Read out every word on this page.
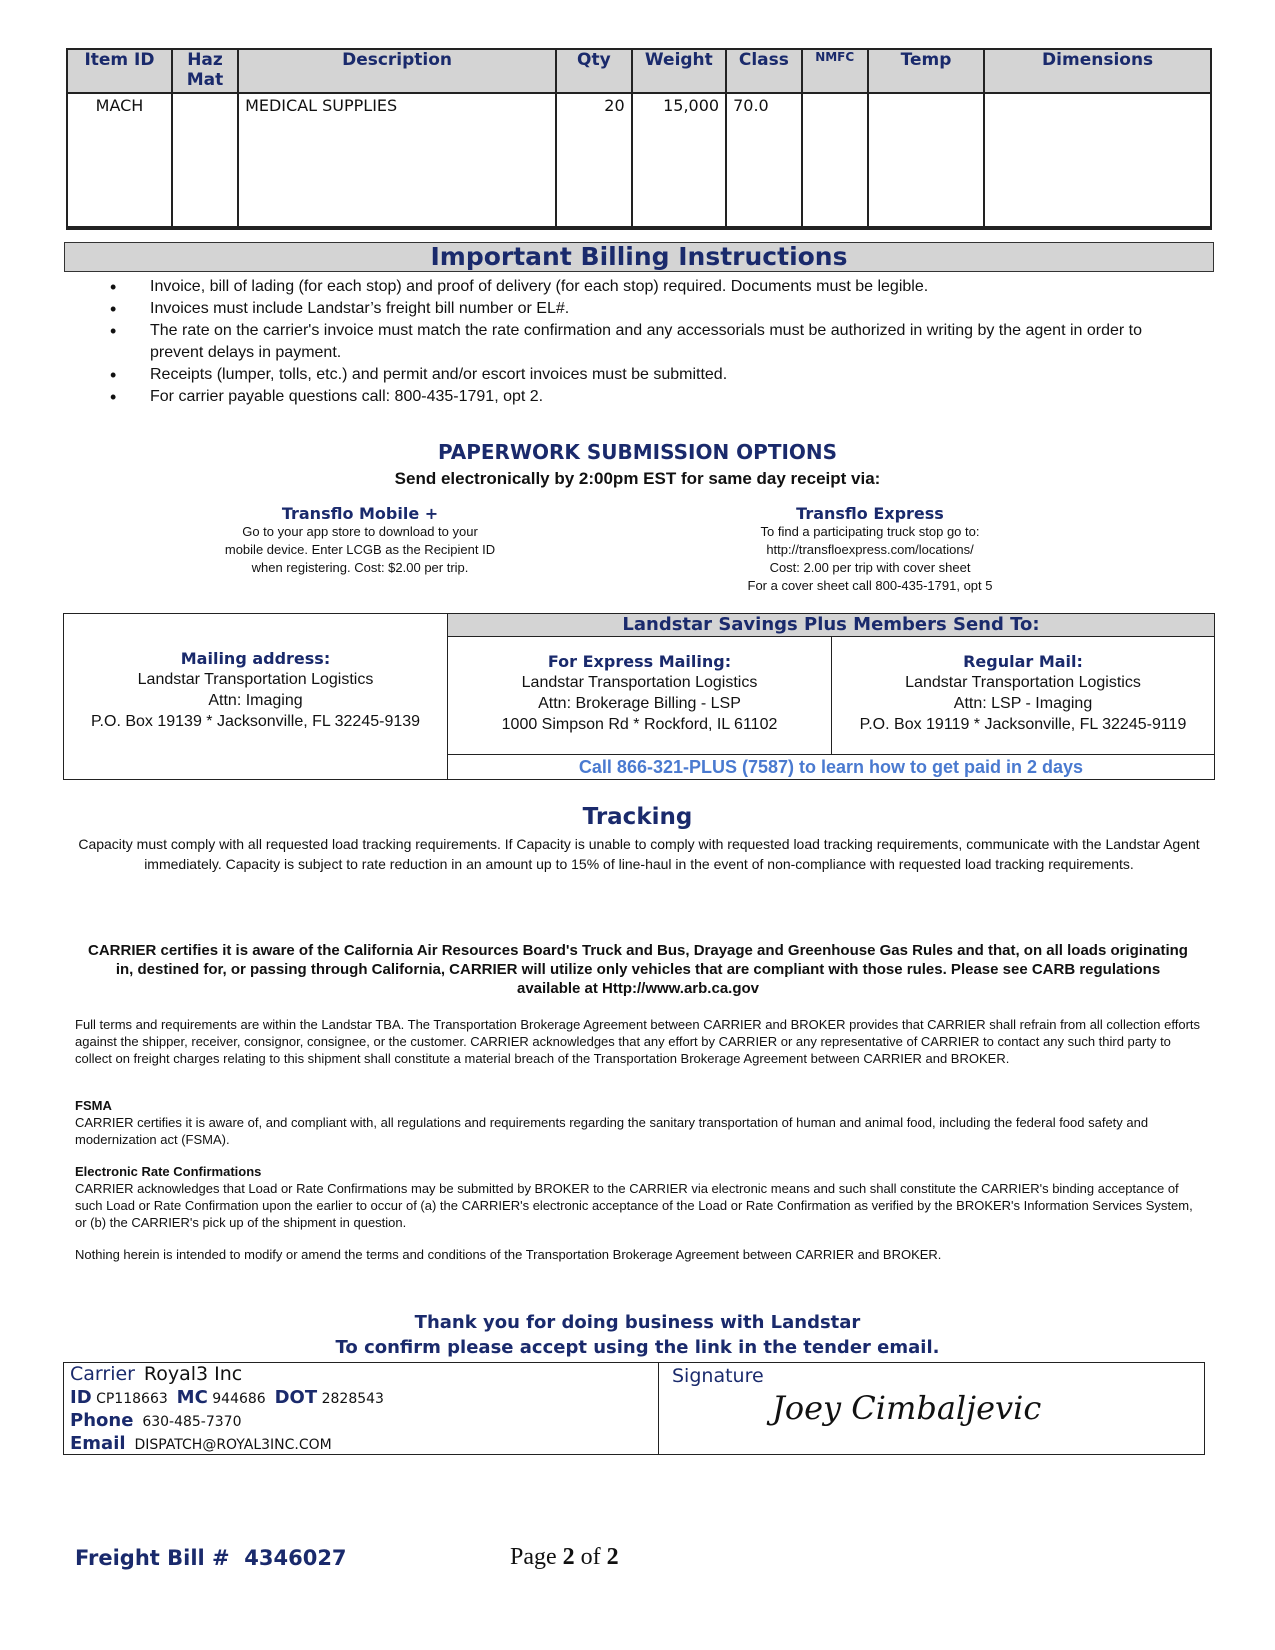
Item ID	Haz Mat	Description	Qty	Weight	Class	NMFC	Temp	Dimensions
MACH		MEDICAL SUPPLIES	20	15,000	70.0			
Important Billing Instructions
• Invoice, bill of lading (for each stop) and proof of delivery (for each stop) required. Documents must be legible.
• Invoices must include Landstar’s freight bill number or EL#.
• The rate on the carrier's invoice must match the rate confirmation and any accessorials must be authorized in writing by the agent in order to prevent delays in payment.
• Receipts (lumper, tolls, etc.) and permit and/or escort invoices must be submitted.
• For carrier payable questions call: 800-435-1791, opt 2.
PAPERWORK SUBMISSION OPTIONS
Send electronically by 2:00pm EST for same day receipt via:
Transflo Mobile +
Go to your app store to download to your
mobile device. Enter LCGB as the Recipient ID
when registering. Cost: $2.00 per trip.
Transflo Express
To find a participating truck stop go to:
http://transfloexpress.com/locations/
Cost: 2.00 per trip with cover sheet
For a cover sheet call 800-435-1791, opt 5
Mailing address:
Landstar Transportation Logistics
Attn: Imaging
P.O. Box 19139 * Jacksonville, FL 32245-9139
Landstar Savings Plus Members Send To:
For Express Mailing:
Landstar Transportation Logistics
Attn: Brokerage Billing - LSP
1000 Simpson Rd * Rockford, IL 61102
Regular Mail:
Landstar Transportation Logistics
Attn: LSP - Imaging
P.O. Box 19119 * Jacksonville, FL 32245-9119
Call 866-321-PLUS (7587) to learn how to get paid in 2 days
Tracking
Capacity must comply with all requested load tracking requirements. If Capacity is unable to comply with requested load tracking requirements, communicate with the Landstar Agent immediately. Capacity is subject to rate reduction in an amount up to 15% of line-haul in the event of non-compliance with requested load tracking requirements.
CARRIER certifies it is aware of the California Air Resources Board's Truck and Bus, Drayage and Greenhouse Gas Rules and that, on all loads originating in, destined for, or passing through California, CARRIER will utilize only vehicles that are compliant with those rules. Please see CARB regulations available at Http://www.arb.ca.gov
Full terms and requirements are within the Landstar TBA. The Transportation Brokerage Agreement between CARRIER and BROKER provides that CARRIER shall refrain from all collection efforts against the shipper, receiver, consignor, consignee, or the customer. CARRIER acknowledges that any effort by CARRIER or any representative of CARRIER to contact any such third party to collect on freight charges relating to this shipment shall constitute a material breach of the Transportation Brokerage Agreement between CARRIER and BROKER.
FSMA
CARRIER certifies it is aware of, and compliant with, all regulations and requirements regarding the sanitary transportation of human and animal food, including the federal food safety and modernization act (FSMA).
Electronic Rate Confirmations
CARRIER acknowledges that Load or Rate Confirmations may be submitted by BROKER to the CARRIER via electronic means and such shall constitute the CARRIER's binding acceptance of such Load or Rate Confirmation upon the earlier to occur of (a) the CARRIER's electronic acceptance of the Load or Rate Confirmation as verified by the BROKER's Information Services System, or (b) the CARRIER's pick up of the shipment in question.
Nothing herein is intended to modify or amend the terms and conditions of the Transportation Brokerage Agreement between CARRIER and BROKER.
Thank you for doing business with Landstar
To confirm please accept using the link in the tender email.
Carrier Royal3 Inc
ID CP118663 MC 944686 DOT 2828543
Phone 630-485-7370
Email DISPATCH@ROYAL3INC.COM
Signature
Joey Cimbaljevic
Freight Bill # 4346027	Page 2 of 2
